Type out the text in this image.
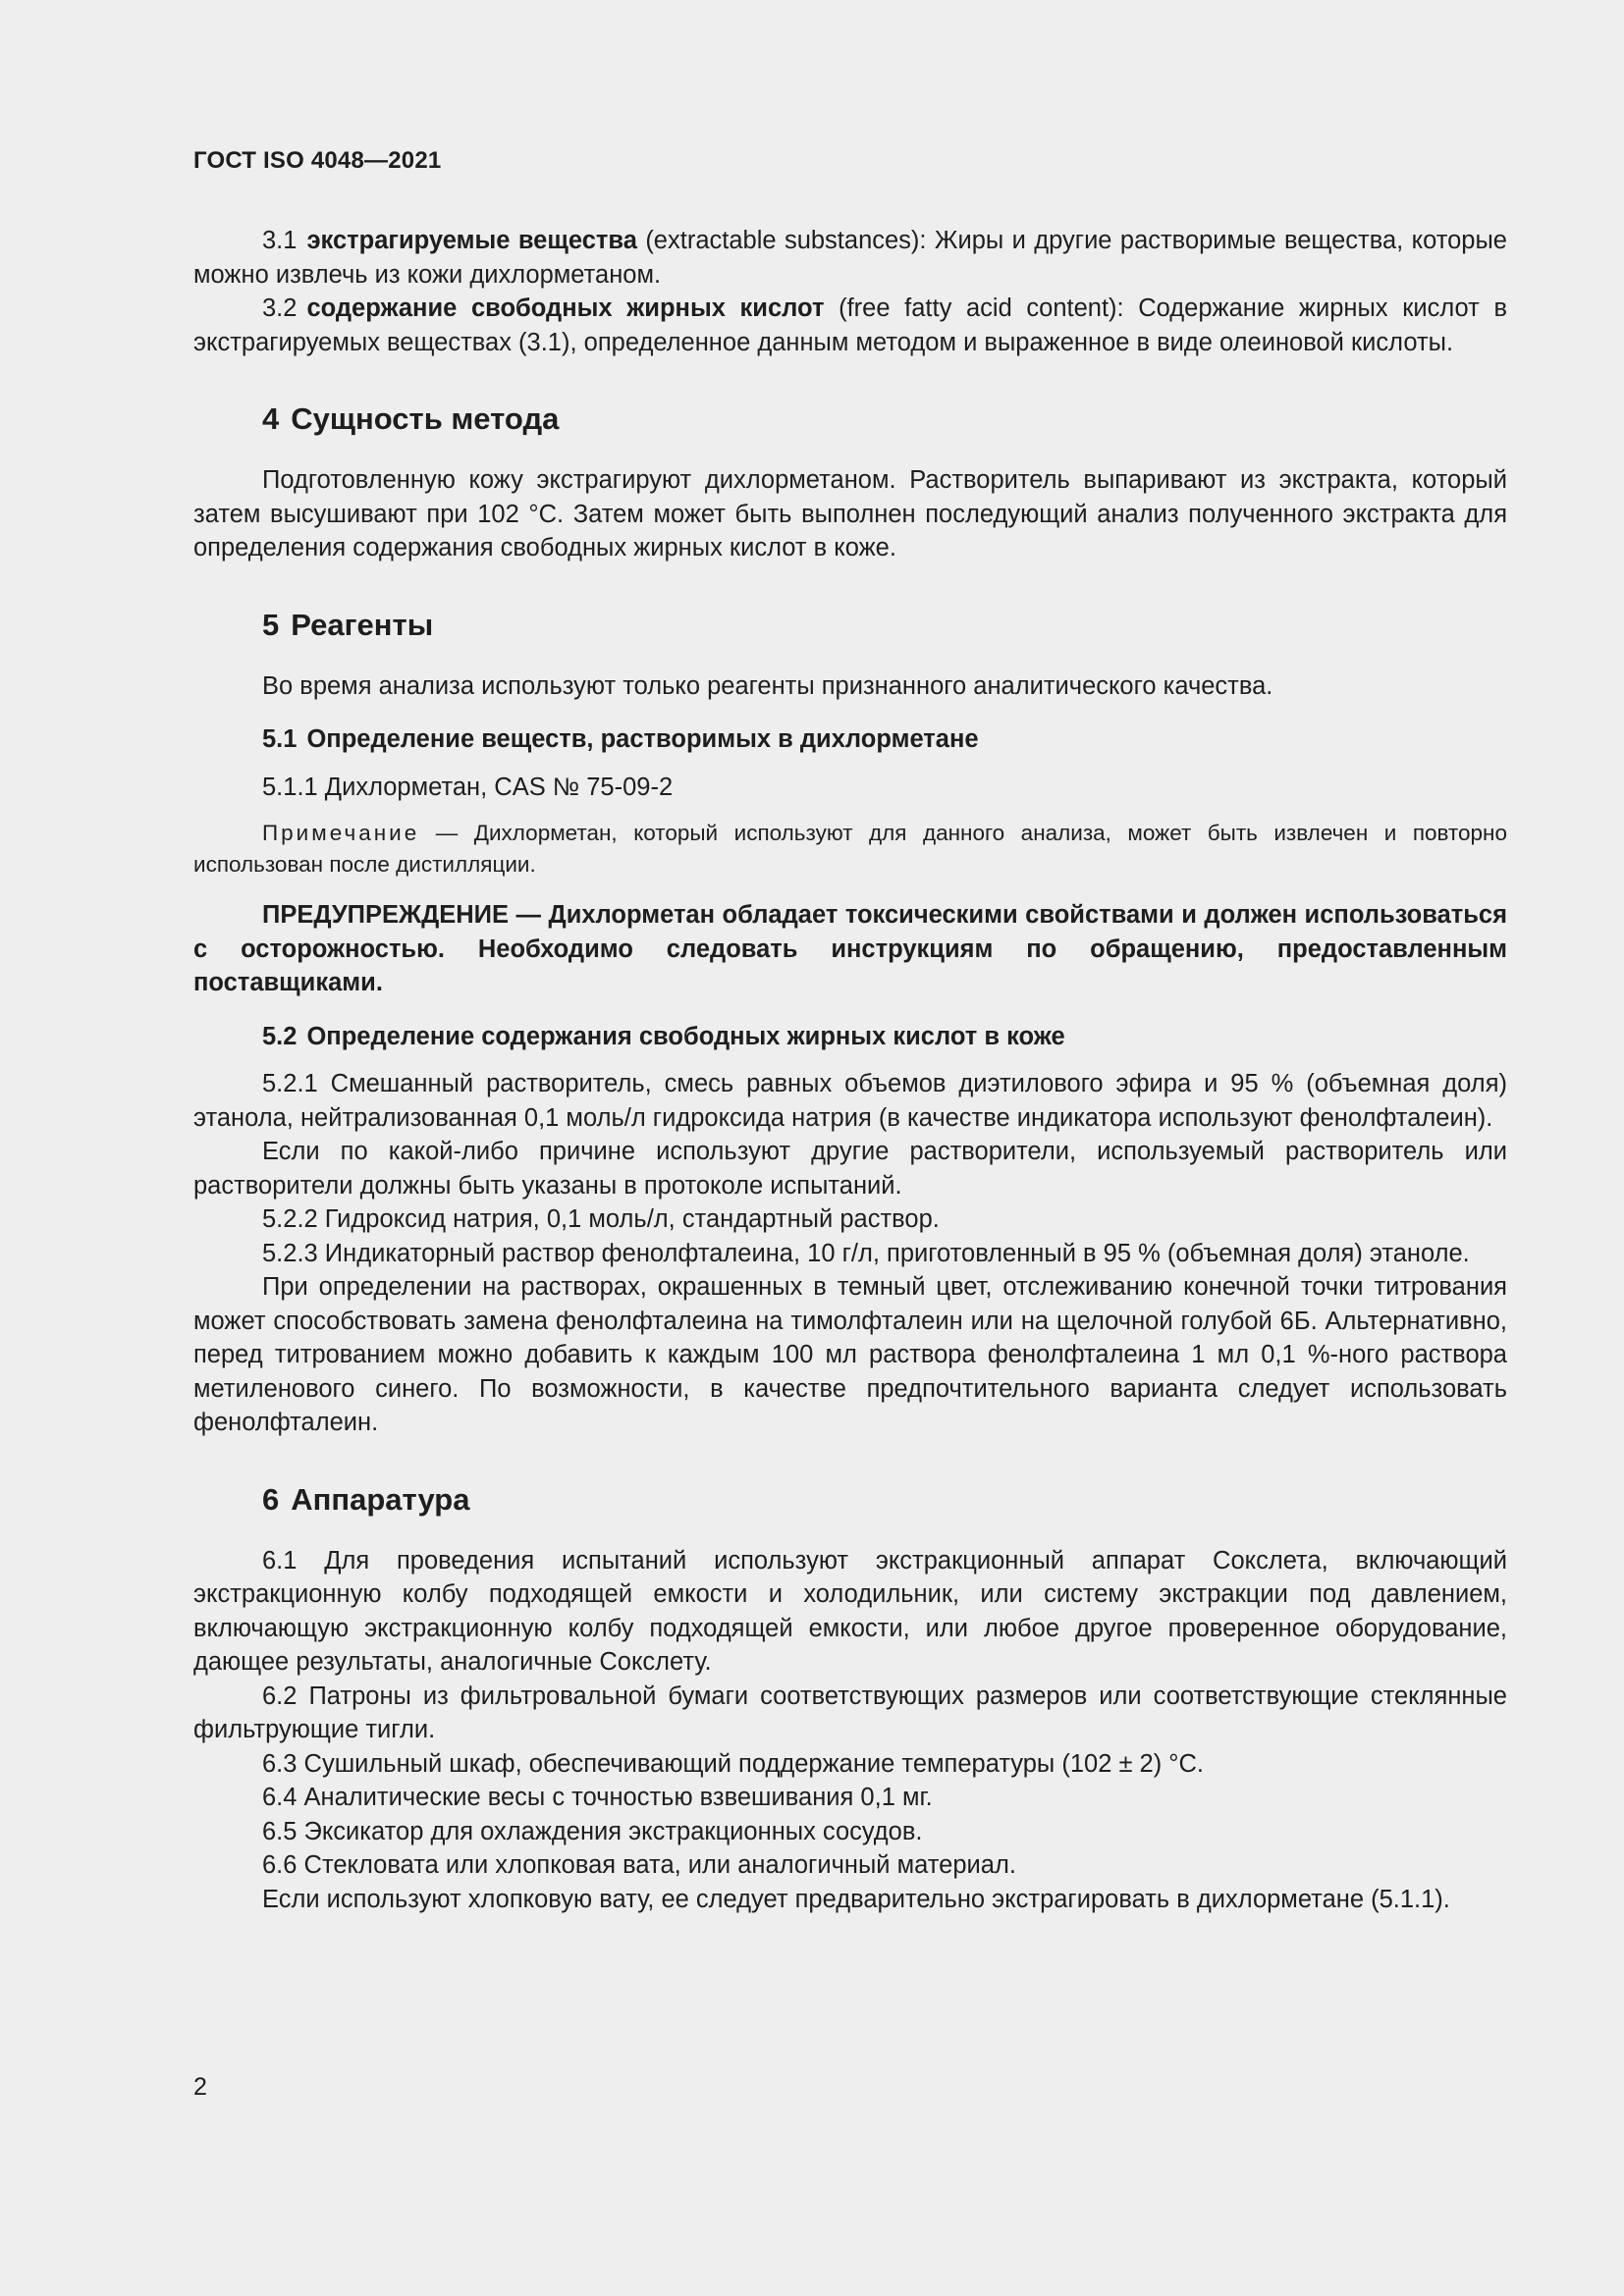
ГОСТ ISO 4048—2021

3.1 экстрагируемые вещества (extractable substances): Жиры и другие растворимые вещества, которые можно извлечь из кожи дихлорметаном.

3.2 содержание свободных жирных кислот (free fatty acid content): Содержание жирных кислот в экстрагируемых веществах (3.1), определенное данным методом и выраженное в виде олеиновой кислоты.

4 Сущность метода

Подготовленную кожу экстрагируют дихлорметаном. Растворитель выпаривают из экстракта, который затем высушивают при 102 °C. Затем может быть выполнен последующий анализ полученного экстракта для определения содержания свободных жирных кислот в коже.

5 Реагенты

Во время анализа используют только реагенты признанного аналитического качества.

5.1 Определение веществ, растворимых в дихлорметане

5.1.1 Дихлорметан, CAS № 75-09-2

Примечание — Дихлорметан, который используют для данного анализа, может быть извлечен и повторно использован после дистилляции.

ПРЕДУПРЕЖДЕНИЕ — Дихлорметан обладает токсическими свойствами и должен использоваться с осторожностью. Необходимо следовать инструкциям по обращению, предоставленным поставщиками.

5.2 Определение содержания свободных жирных кислот в коже

5.2.1 Смешанный растворитель, смесь равных объемов диэтилового эфира и 95 % (объемная доля) этанола, нейтрализованная 0,1 моль/л гидроксида натрия (в качестве индикатора используют фенолфталеин).

Если по какой-либо причине используют другие растворители, используемый растворитель или растворители должны быть указаны в протоколе испытаний.

5.2.2 Гидроксид натрия, 0,1 моль/л, стандартный раствор.

5.2.3 Индикаторный раствор фенолфталеина, 10 г/л, приготовленный в 95 % (объемная доля) этаноле.

При определении на растворах, окрашенных в темный цвет, отслеживанию конечной точки титрования может способствовать замена фенолфталеина на тимолфталеин или на щелочной голубой 6Б. Альтернативно, перед титрованием можно добавить к каждым 100 мл раствора фенолфталеина 1 мл 0,1 %-ного раствора метиленового синего. По возможности, в качестве предпочтительного варианта следует использовать фенолфталеин.

6 Аппаратура

6.1 Для проведения испытаний используют экстракционный аппарат Сокслета, включающий экстракционную колбу подходящей емкости и холодильник, или систему экстракции под давлением, включающую экстракционную колбу подходящей емкости, или любое другое проверенное оборудование, дающее результаты, аналогичные Сокслету.

6.2 Патроны из фильтровальной бумаги соответствующих размеров или соответствующие стеклянные фильтрующие тигли.

6.3 Сушильный шкаф, обеспечивающий поддержание температуры (102 ± 2) °C.

6.4 Аналитические весы с точностью взвешивания 0,1 мг.

6.5 Эксикатор для охлаждения экстракционных сосудов.

6.6 Стекловата или хлопковая вата, или аналогичный материал.

Если используют хлопковую вату, ее следует предварительно экстрагировать в дихлорметане (5.1.1).

2
